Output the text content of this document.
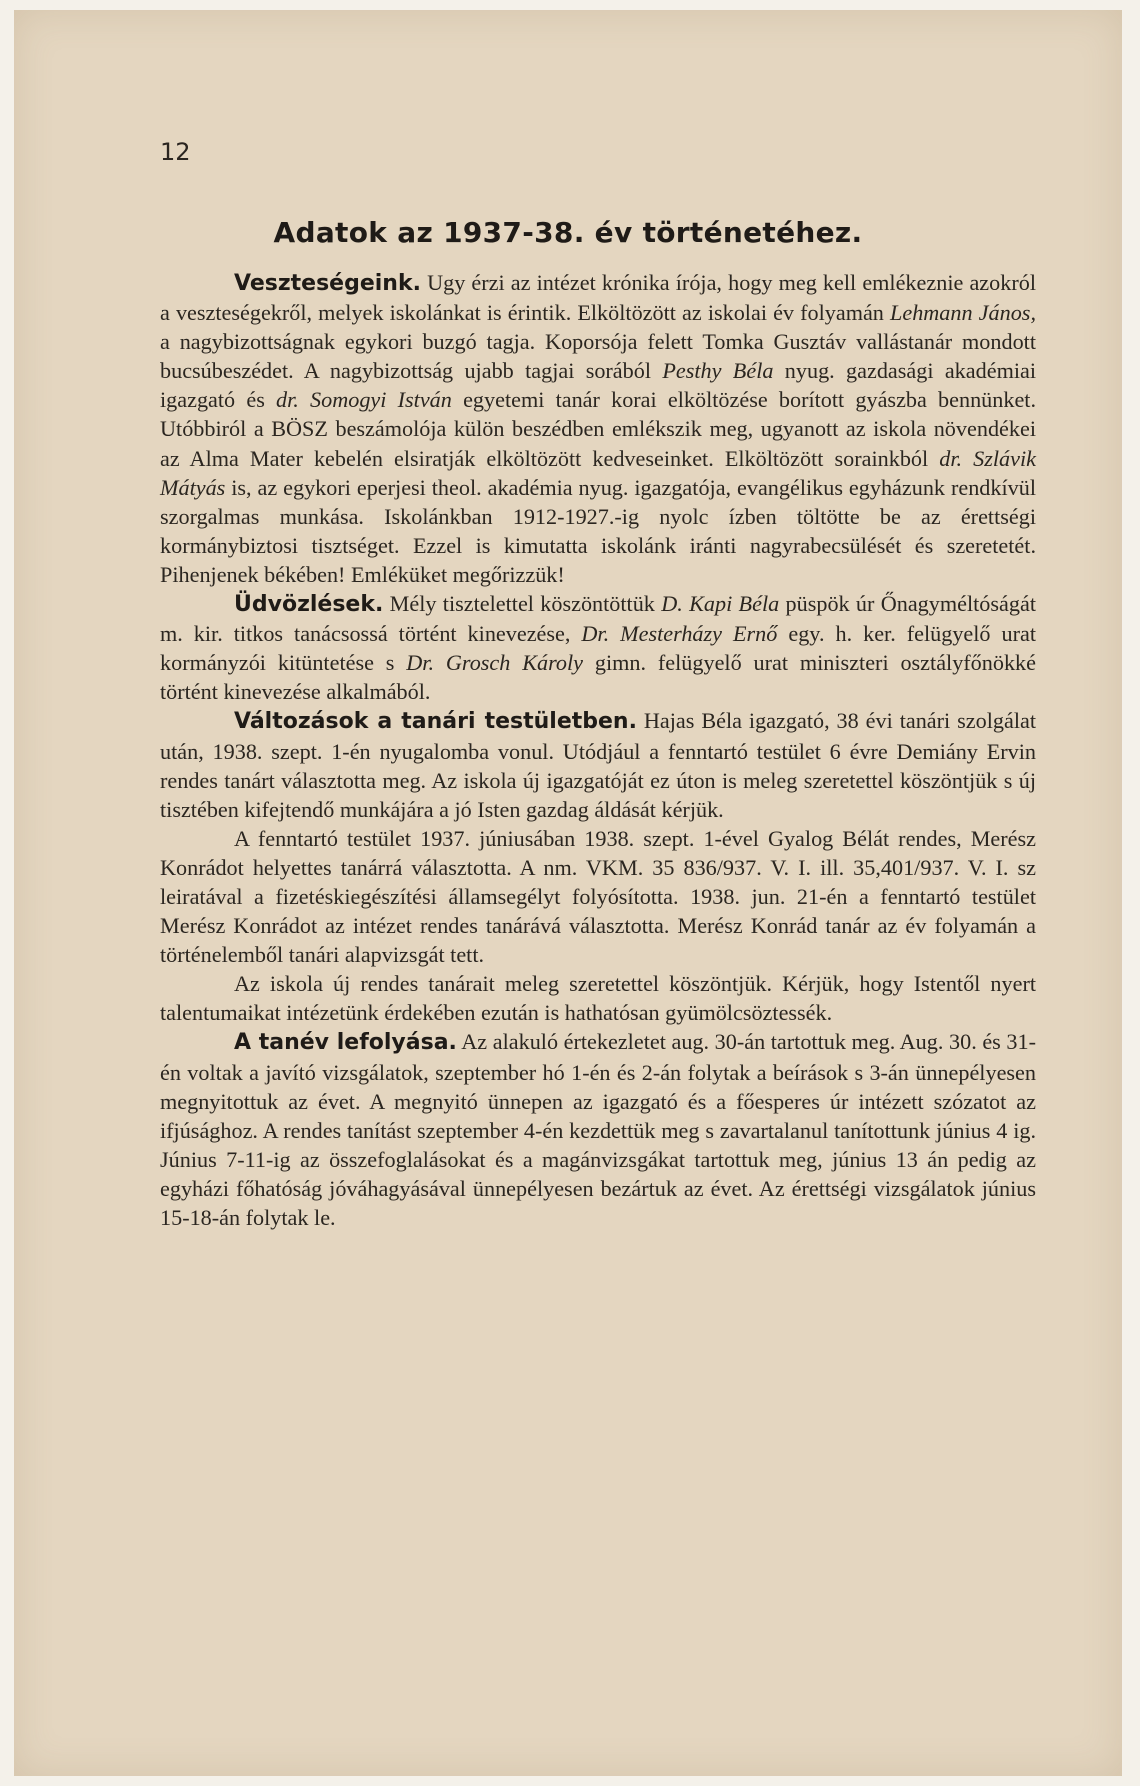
12
Adatok az 1937-38. év történetéhez.

Veszteségeink. Ugy érzi az intézet krónika írója, hogy meg kell emlékeznie azokról a veszteségekről, melyek iskolánkat is érintik. Elköltözött az iskolai év folyamán Lehmann János, a nagybizottságnak egykori buzgó tagja. Koporsója felett Tomka Gusztáv vallástanár mondott bucsúbeszédet. A nagybizottság ujabb tagjai sorából Pesthy Béla nyug. gazdasági akadémiai igazgató és dr. Somogyi István egyetemi tanár korai elköltözése borított gyászba bennünket. Utóbbiról a BÖSZ beszámolója külön beszédben emlékszik meg, ugyanott az iskola növendékei az Alma Mater kebelén elsiratják elköltözött kedveseinket. Elköltözött sorainkból dr. Szlávik Mátyás is, az egykori eperjesi theol. akadémia nyug. igazgatója, evangélikus egyházunk rendkívül szorgalmas munkása. Iskolánkban 1912-1927.-ig nyolc ízben töltötte be az érettségi kormánybiztosi tisztséget. Ezzel is kimutatta iskolánk iránti nagyrabecsülését és szeretetét. Pihenjenek békében! Emléküket megőrizzük!

Üdvözlések. Mély tisztelettel köszöntöttük D. Kapi Béla püspök úr Őnagyméltóságát m. kir. titkos tanácsossá történt kinevezése, Dr. Mesterházy Ernő egy. h. ker. felügyelő urat kormányzói kitüntetése s Dr. Grosch Károly gimn. felügyelő urat miniszteri osztályfőnökké történt kinevezése alkalmából.

Változások a tanári testületben. Hajas Béla igazgató, 38 évi tanári szolgálat után, 1938. szept. 1-én nyugalomba vonul. Utódjául a fenntartó testület 6 évre Demiány Ervin rendes tanárt választotta meg. Az iskola új igazgatóját ez úton is meleg szeretettel köszöntjük s új tisztében kifejtendő munkájára a jó Isten gazdag áldását kérjük.

A fenntartó testület 1937. júniusában 1938. szept. 1-ével Gyalog Bélát rendes, Merész Konrádot helyettes tanárrá választotta. A nm. VKM. 35 836/937. V. I. ill. 35,401/937. V. I. sz leiratával a fizetéskiegészítési államsegélyt folyósította. 1938. jun. 21-én a fenntartó testület Merész Konrádot az intézet rendes tanárává választotta. Merész Konrád tanár az év folyamán a történelemből tanári alapvizsgát tett.

Az iskola új rendes tanárait meleg szeretettel köszöntjük. Kérjük, hogy Istentől nyert talentumaikat intézetünk érdekében ezután is hathatósan gyümölcsöztessék.

A tanév lefolyása. Az alakuló értekezletet aug. 30-án tartottuk meg. Aug. 30. és 31-én voltak a javító vizsgálatok, szeptember hó 1-én és 2-án folytak a beírások s 3-án ünnepélyesen megnyitottuk az évet. A megnyitó ünnepen az igazgató és a főesperes úr intézett szózatot az ifjúsághoz. A rendes tanítást szeptember 4-én kezdettük meg s zavartalanul tanítottunk június 4 ig. Június 7-11-ig az összefoglalásokat és a magánvizsgákat tartottuk meg, június 13 án pedig az egyházi főhatóság jóváhagyásával ünnepélyesen bezártuk az évet. Az érettségi vizsgálatok június 15-18-án folytak le.
